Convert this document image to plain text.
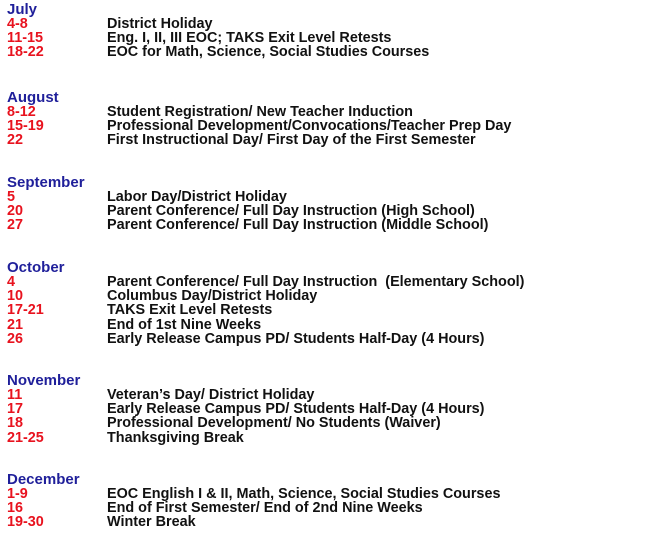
July
4-8	District Holiday
11-15	Eng. I, II, III EOC; TAKS Exit Level Retests
18-22	EOC for Math, Science, Social Studies Courses
August
8-12	Student Registration/ New Teacher Induction
15-19	Professional Development/Convocations/Teacher Prep Day
22	First Instructional Day/ First Day of the First Semester
September
5	Labor Day/District Holiday
20	Parent Conference/ Full Day Instruction (High School)
27	Parent Conference/ Full Day Instruction (Middle School)
October
4	Parent Conference/ Full Day Instruction  (Elementary School)
10	Columbus Day/District Holiday
17-21	TAKS Exit Level Retests
21	End of 1st Nine Weeks
26	Early Release Campus PD/ Students Half-Day (4 Hours)
November
11	Veteran’s Day/ District Holiday
17	Early Release Campus PD/ Students Half-Day (4 Hours)
18	Professional Development/ No Students (Waiver)
21-25	Thanksgiving Break
December
1-9	EOC English I & II, Math, Science, Social Studies Courses
16	End of First Semester/ End of 2nd Nine Weeks
19-30	Winter Break
